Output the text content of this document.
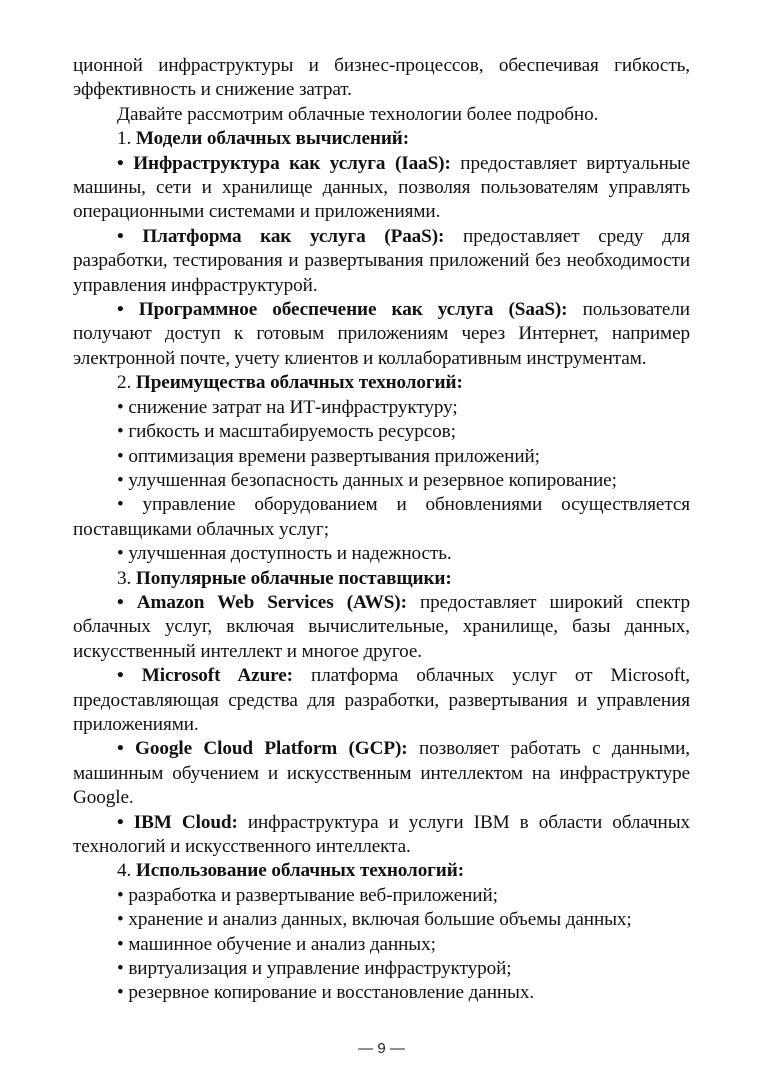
ционной инфраструктуры и бизнес-процессов, обеспечивая гибкость, эффективность и снижение затрат.

Давайте рассмотрим облачные технологии более подробно.

1. Модели облачных вычислений:

• Инфраструктура как услуга (IaaS): предоставляет виртуальные машины, сети и хранилище данных, позволяя пользователям управлять операционными системами и приложениями.

• Платформа как услуга (PaaS): предоставляет среду для разработки, тестирования и развертывания приложений без необходимости управления инфраструктурой.

• Программное обеспечение как услуга (SaaS): пользователи получают доступ к готовым приложениям через Интернет, например электронной почте, учету клиентов и коллаборативным инструментам.

2. Преимущества облачных технологий:

• снижение затрат на ИТ-инфраструктуру;

• гибкость и масштабируемость ресурсов;

• оптимизация времени развертывания приложений;

• улучшенная безопасность данных и резервное копирование;

• управление оборудованием и обновлениями осуществляется поставщиками облачных услуг;

• улучшенная доступность и надежность.

3. Популярные облачные поставщики:

• Amazon Web Services (AWS): предоставляет широкий спектр облачных услуг, включая вычислительные, хранилище, базы данных, искусственный интеллект и многое другое.

• Microsoft Azure: платформа облачных услуг от Microsoft, предоставляющая средства для разработки, развертывания и управления приложениями.

• Google Cloud Platform (GCP): позволяет работать с данными, машинным обучением и искусственным интеллектом на инфраструктуре Google.

• IBM Cloud: инфраструктура и услуги IBM в области облачных технологий и искусственного интеллекта.

4. Использование облачных технологий:

• разработка и развертывание веб-приложений;

• хранение и анализ данных, включая большие объемы данных;

• машинное обучение и анализ данных;

• виртуализация и управление инфраструктурой;

• резервное копирование и восстановление данных.

— 9 —
